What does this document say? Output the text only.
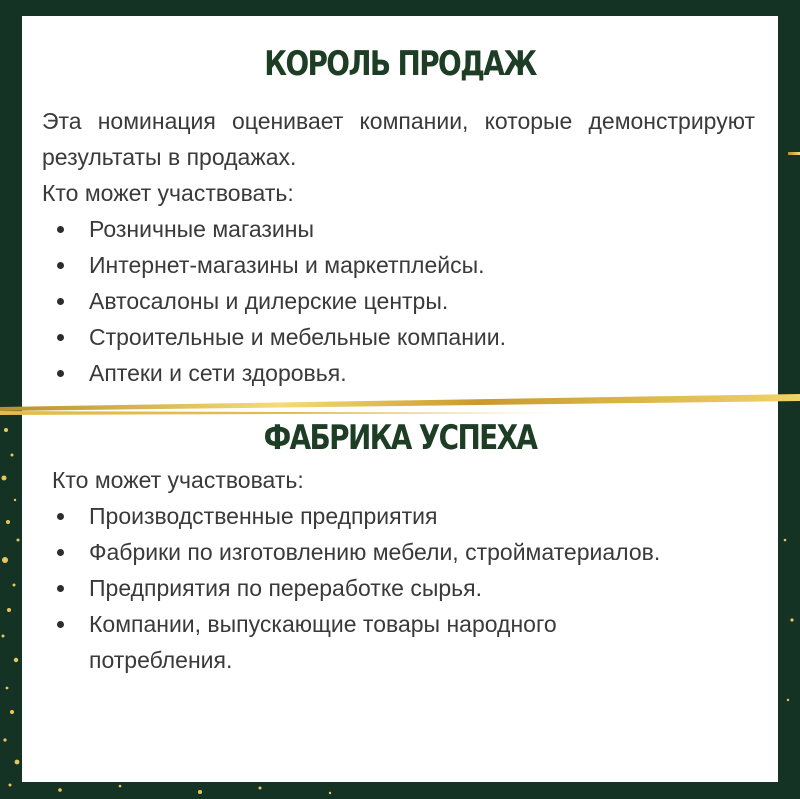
КОРОЛЬ ПРОДАЖ

Эта номинация оценивает компании, которые демонстрируют результаты в продажах.

Кто может участвовать:

Розничные магазины
Интернет-магазины и маркетплейсы.
Автосалоны и дилерские центры.
Строительные и мебельные компании.
Аптеки и сети здоровья.
ФАБРИКА УСПЕХА

Кто может участвовать:

Производственные предприятия
Фабрики по изготовлению мебели, стройматериалов.
Предприятия по переработке сырья.
Компании, выпускающие товары народного потребления.
